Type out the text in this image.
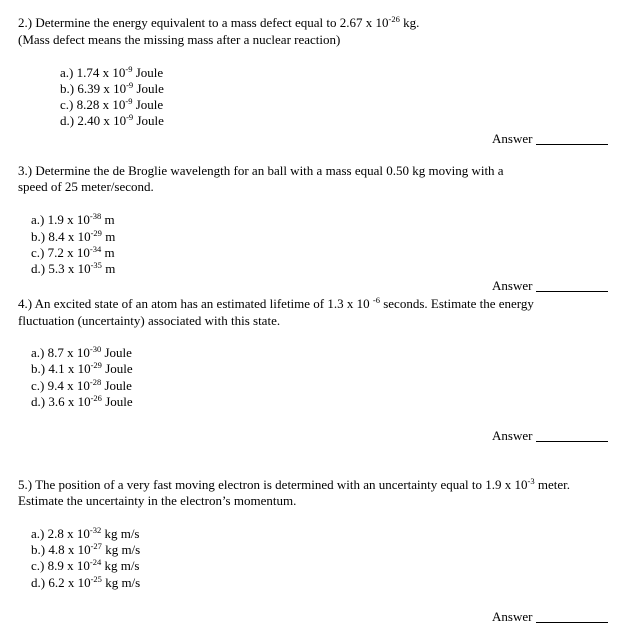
2.) Determine the energy equivalent to a mass defect equal to 2.67 x $10^{-26}$ kg.
(Mass defect means the missing mass after a nuclear reaction)
a.) 1.74 x $10^{-9}$ Joule
b.) 6.39 x $10^{-9}$ Joule
c.) 8.28 x $10^{-9}$ Joule
d.) 2.40 x $10^{-9}$ Joule
Answer
3.) Determine the de Broglie wavelength for an ball with a mass equal 0.50 kg moving with a
speed of 25 meter/second.
a.) 1.9 x $10^{-38}$ m
b.) 8.4 x $10^{-29}$ m
c.) 7.2 x $10^{-34}$ m
d.) 5.3 x $10^{-35}$ m
Answer
4.) An excited state of an atom has an estimated lifetime of 1.3 x 10 $^{-6}$ seconds. Estimate the energy
fluctuation (uncertainty) associated with this state.
a.) 8.7 x $10^{-30}$ Joule
b.) 4.1 x $10^{-29}$ Joule
c.) 9.4 x $10^{-28}$ Joule
d.) 3.6 x $10^{-26}$ Joule
Answer
5.) The position of a very fast moving electron is determined with an uncertainty equal to 1.9 x $10^{-3}$ meter.
Estimate the uncertainty in the electron’s momentum.
a.) 2.8 x $10^{-32}$ kg m/s
b.) 4.8 x $10^{-27}$ kg m/s
c.) 8.9 x $10^{-24}$ kg m/s
d.) 6.2 x $10^{-25}$ kg m/s
Answer
